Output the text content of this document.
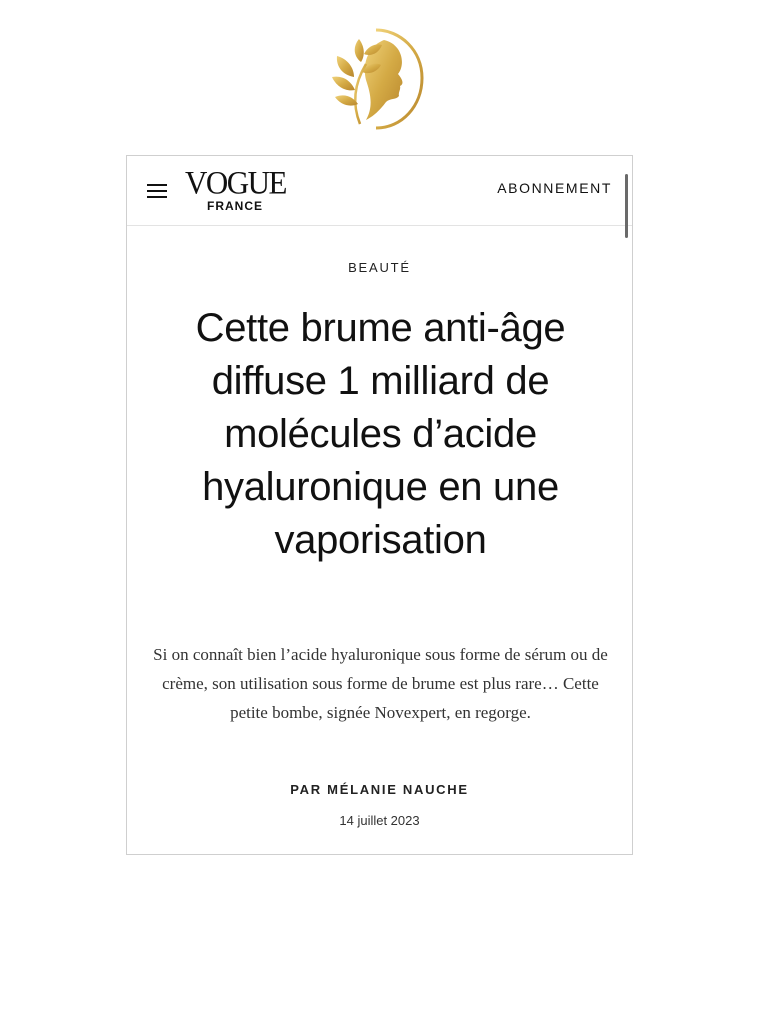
VOGUE
FRANCE
ABONNEMENT
BEAUTÉ
Cette brume anti-âge diffuse 1 milliard de molécules d’acide hyaluronique en une vaporisation

Si on connaît bien l’acide hyaluronique sous forme de sérum ou de crème, son utilisation sous forme de brume est plus rare… Cette petite bombe, signée Novexpert, en regorge.

PAR MÉLANIE NAUCHE
14 juillet 2023
